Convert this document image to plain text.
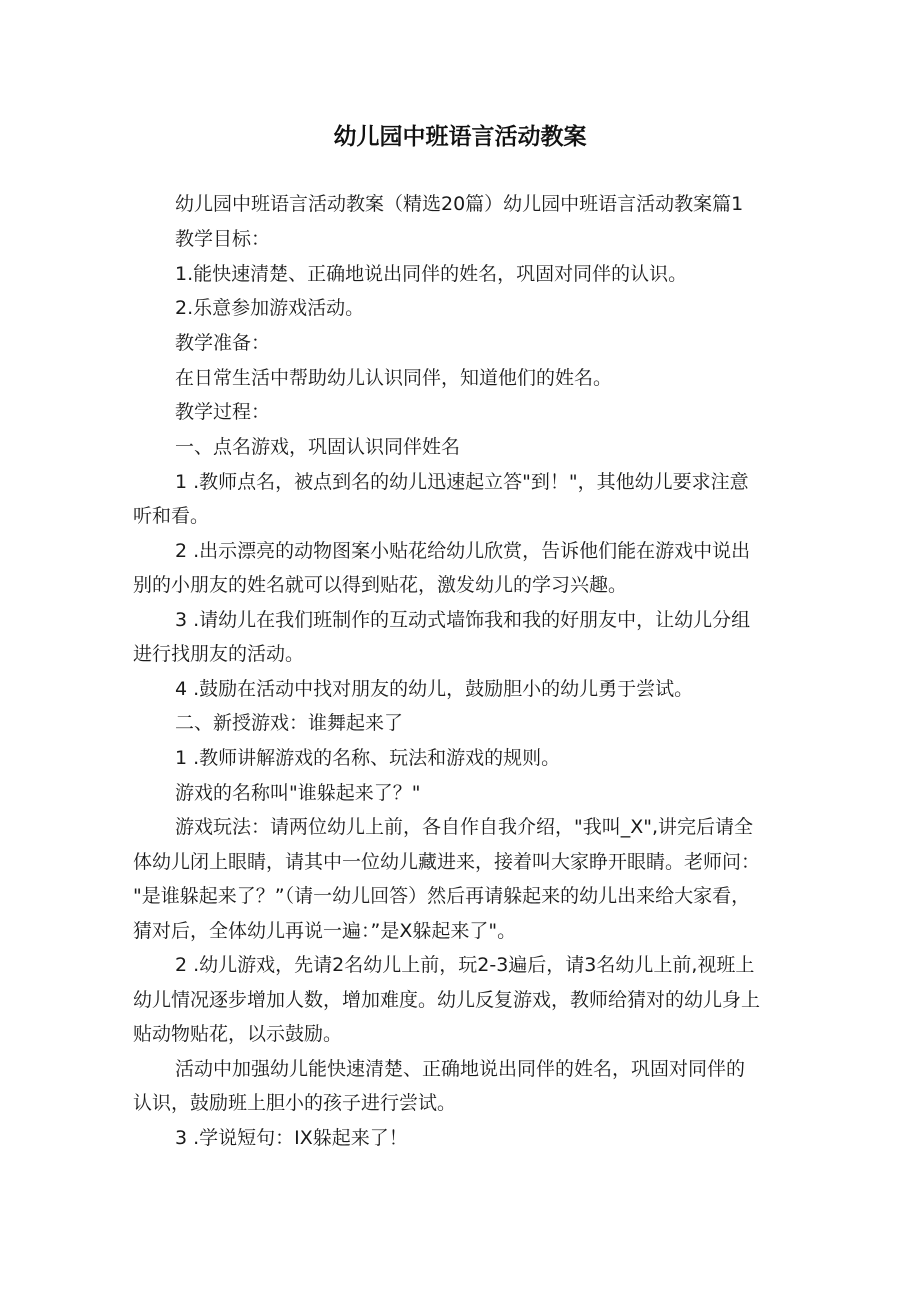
幼儿园中班语言活动教案
幼儿园中班语言活动教案（精选20篇）幼儿园中班语言活动教案篇1
教学目标：
1.能快速清楚、正确地说出同伴的姓名，巩固对同伴的认识。
2.乐意参加游戏活动。
教学准备：
在日常生活中帮助幼儿认识同伴，知道他们的姓名。
教学过程：
一、点名游戏，巩固认识同伴姓名
1 .教师点名，被点到名的幼儿迅速起立答"到！"，其他幼儿要求注意
听和看。
2 .出示漂亮的动物图案小贴花给幼儿欣赏，告诉他们能在游戏中说出
别的小朋友的姓名就可以得到贴花，激发幼儿的学习兴趣。
3 .请幼儿在我们班制作的互动式墙饰我和我的好朋友中，让幼儿分组
进行找朋友的活动。
4 .鼓励在活动中找对朋友的幼儿，鼓励胆小的幼儿勇于尝试。
二、新授游戏：谁舞起来了
1 .教师讲解游戏的名称、玩法和游戏的规则。
游戏的名称叫"谁躲起来了？"
游戏玩法：请两位幼儿上前，各自作自我介绍，"我叫_X",讲完后请全
体幼儿闭上眼睛，请其中一位幼儿藏进来，接着叫大家睁开眼睛。老师问：
"是谁躲起来了？”（请一幼儿回答）然后再请躲起来的幼儿出来给大家看，
猜对后，全体幼儿再说一遍：”是X躲起来了"。
2 .幼儿游戏，先请2名幼儿上前，玩2-3遍后，请3名幼儿上前,视班上
幼儿情况逐步增加人数，增加难度。幼儿反复游戏，教师给猜对的幼儿身上
贴动物贴花，以示鼓励。
活动中加强幼儿能快速清楚、正确地说出同伴的姓名，巩固对同伴的
认识，鼓励班上胆小的孩子进行尝试。
3 .学说短句：IX躲起来了！
